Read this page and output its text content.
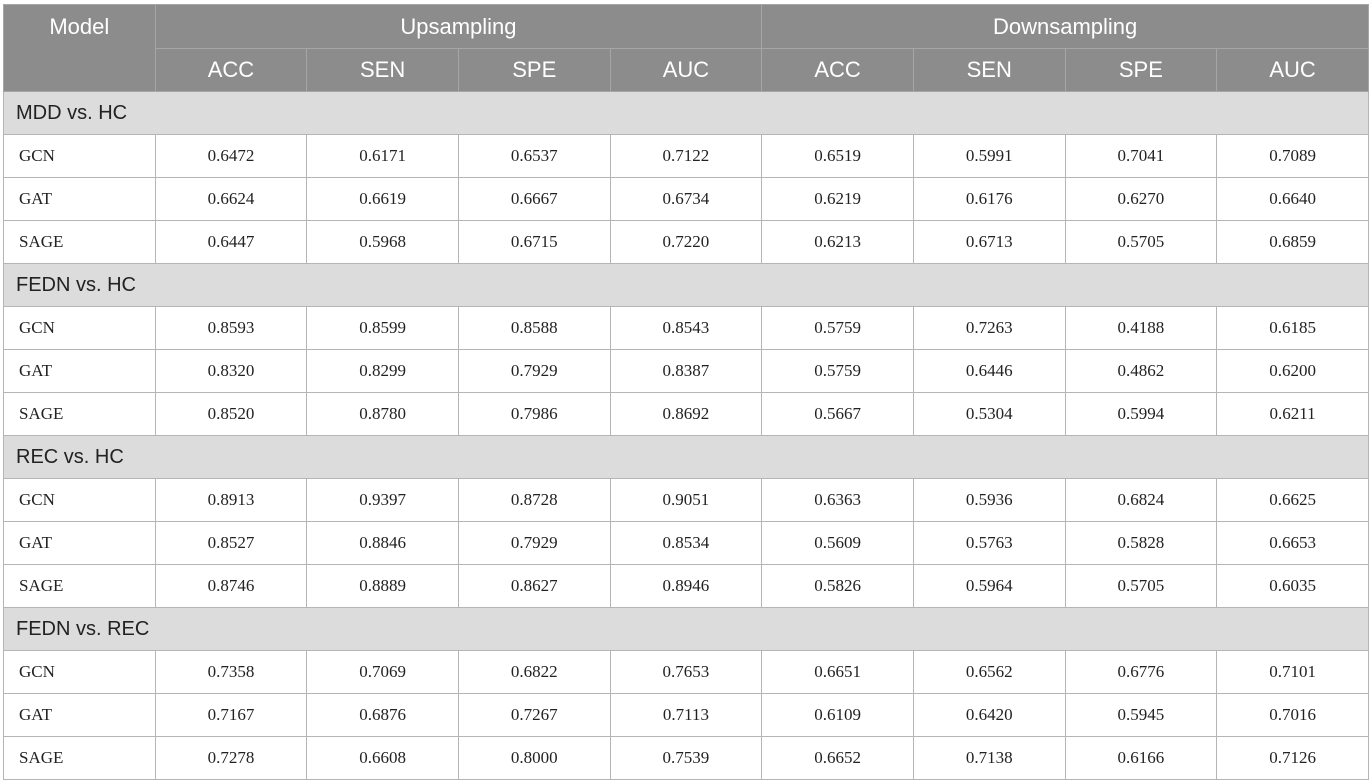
Model	Upsampling				Downsampling			
	ACC	SEN	SPE	AUC	ACC	SEN	SPE	AUC
MDD vs. HC								
GCN	0.6472	0.6171	0.6537	0.7122	0.6519	0.5991	0.7041	0.7089
GAT	0.6624	0.6619	0.6667	0.6734	0.6219	0.6176	0.6270	0.6640
SAGE	0.6447	0.5968	0.6715	0.7220	0.6213	0.6713	0.5705	0.6859
FEDN vs. HC								
GCN	0.8593	0.8599	0.8588	0.8543	0.5759	0.7263	0.4188	0.6185
GAT	0.8320	0.8299	0.7929	0.8387	0.5759	0.6446	0.4862	0.6200
SAGE	0.8520	0.8780	0.7986	0.8692	0.5667	0.5304	0.5994	0.6211
REC vs. HC								
GCN	0.8913	0.9397	0.8728	0.9051	0.6363	0.5936	0.6824	0.6625
GAT	0.8527	0.8846	0.7929	0.8534	0.5609	0.5763	0.5828	0.6653
SAGE	0.8746	0.8889	0.8627	0.8946	0.5826	0.5964	0.5705	0.6035
FEDN vs. REC								
GCN	0.7358	0.7069	0.6822	0.7653	0.6651	0.6562	0.6776	0.7101
GAT	0.7167	0.6876	0.7267	0.7113	0.6109	0.6420	0.5945	0.7016
SAGE	0.7278	0.6608	0.8000	0.7539	0.6652	0.7138	0.6166	0.7126
